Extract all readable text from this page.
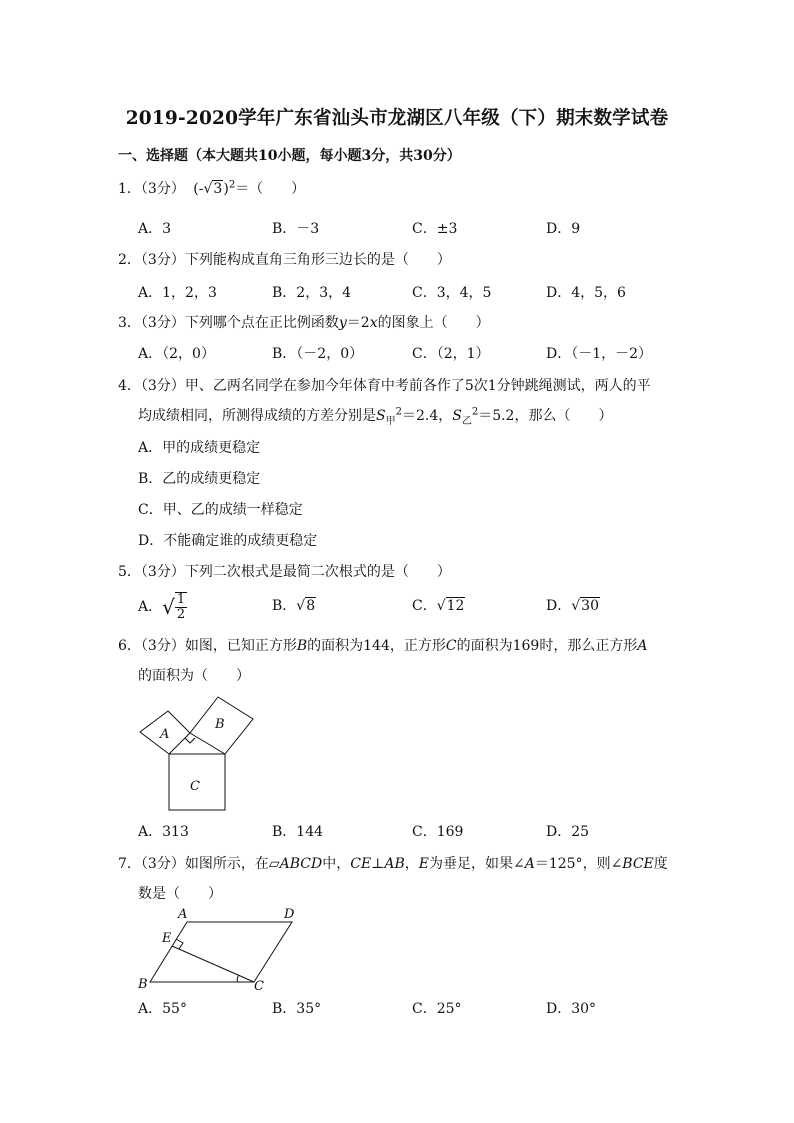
2019-2020学年广东省汕头市龙湖区八年级（下）期末数学试卷
一、选择题（本大题共10小题，每小题3分，共30分）
1．（3分） $(-√3)^2=$（　　）
A．3	B．－3	C．±3	D．9
2．（3分）下列能构成直角三角形三边长的是（　　）
A．1，2，3	B．2，3，4	C．3，4，5	D．4，5，6
3．（3分）下列哪个点在正比例函数y＝2x的图象上（　　）
A．（2，0）	B．（－2，0）	C．（2，1）	D．（－1，－2）
4．（3分）甲、乙两名同学在参加今年体育中考前各作了5次1分钟跳绳测试，两人的平
均成绩相同，所测得成绩的方差分别是$S_甲^2=2.4$，$S_乙^2=5.2$，那么（　　）
A．甲的成绩更稳定
B．乙的成绩更稳定
C．甲、乙的成绩一样稳定
D．不能确定谁的成绩更稳定
5．（3分）下列二次根式是最简二次根式的是（　　）
A．√ $\frac{1}{2}$	B．√8	C．√12	D．√30
6．（3分）如图，已知正方形B的面积为144，正方形C的面积为169时，那么正方形A
的面积为（　　）
A
B
C
A．313	B．144	C．169	D．25
7．（3分）如图所示，在▱ABCD中，CE⊥AB，E为垂足，如果∠A＝125°，则∠BCE度
数是（　　）
A	D
E
B	C
A．55°	B．35°	C．25°	D．30°
